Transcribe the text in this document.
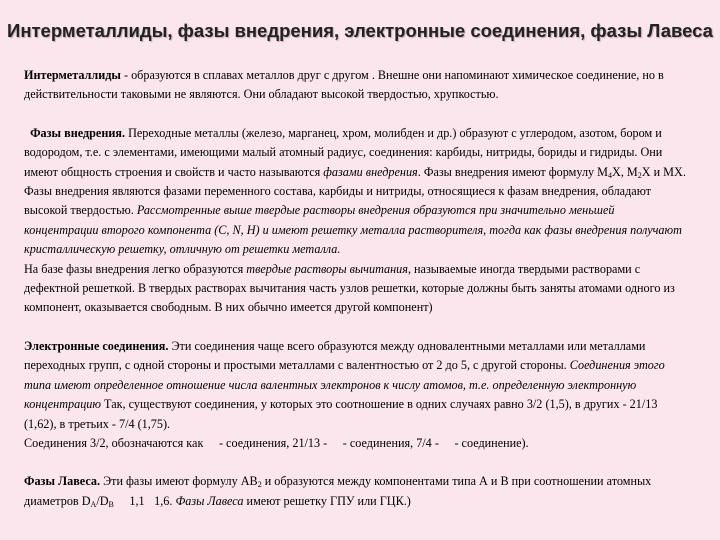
Интерметаллиды, фазы внедрения, электронные соединения, фазы Лавеса

Интерметаллиды - образуются в сплавах металлов друг с другом . Внешне они напоминают химическое соединение, но в действительности таковыми не являются. Они обладают высокой твердостью, хрупкостью.

Фазы внедрения. Переходные металлы (железо, марганец, хром, молибден и др.) образуют с углеродом, азотом, бором и водородом, т.е. с элементами, имеющими малый атомный радиус, соединения: карбиды, нитриды, бориды и гидриды. Они имеют общность строения и свойств и часто называются фазами внедрения. Фазы внедрения имеют формулу $М_4Х$, $М_2Х$ и МХ.

Фазы внедрения являются фазами переменного состава, карбиды и нитриды, относящиеся к фазам внедрения, обладают высокой твердостью. Рассмотренные выше твердые растворы внедрения образуются при значительно меньшей концентрации второго компонента (С, N, H) и имеют решетку металла растворителя, тогда как фазы внедрения получают кристаллическую решетку, отличную от решетки металла.

На базе фазы внедрения легко образуются твердые растворы вычитания, называемые иногда твердыми растворами с дефектной решеткой. В твердых растворах вычитания часть узлов решетки, которые должны быть заняты атомами одного из компонент, оказывается свободным. В них обычно имеется другой компонент)

Электронные соединения. Эти соединения чаще всего образуются между одновалентными металлами или металлами переходных групп, с одной стороны и простыми металлами с валентностью от 2 до 5, с другой стороны. Соединения этого типа имеют определенное отношение числа валентных электронов к числу атомов, т.е. определенную электронную концентрацию Так, существуют соединения, у которых это соотношение в одних случаях равно 3/2 (1,5), в других - 21/13 (1,62), в третьих - 7/4 (1,75).

Соединения 3/2, обозначаются как - соединения, 21/13 - - соединения, 7/4 - - соединение).

Фазы Лавеса. Эти фазы имеют формулу $АВ_2$ и образуются между компонентами типа А и В при соотношении атомных диаметров $D_A/D_B$ 1,1 1,6. Фазы Лавеса имеют решетку ГПУ или ГЦК.)
